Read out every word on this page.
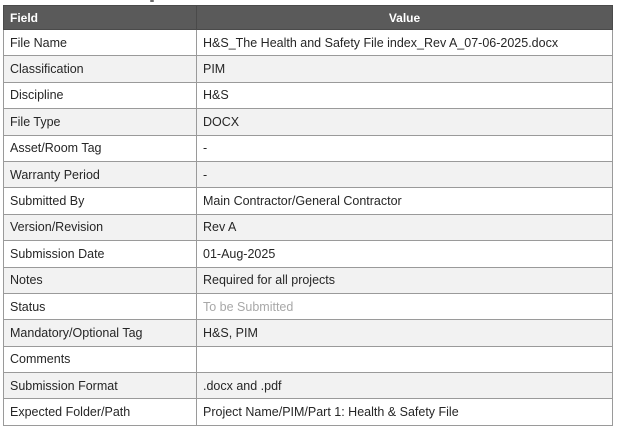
Field	Value
File Name	H&S_The Health and Safety File index_Rev A_07-06-2025.docx
Classification	PIM
Discipline	H&S
File Type	DOCX
Asset/Room Tag	-
Warranty Period	-
Submitted By	Main Contractor/General Contractor
Version/Revision	Rev A
Submission Date	01-Aug-2025
Notes	Required for all projects
Status	To be Submitted
Mandatory/Optional Tag	H&S, PIM
Comments	
Submission Format	.docx and .pdf
Expected Folder/Path	Project Name/PIM/Part 1: Health & Safety File
